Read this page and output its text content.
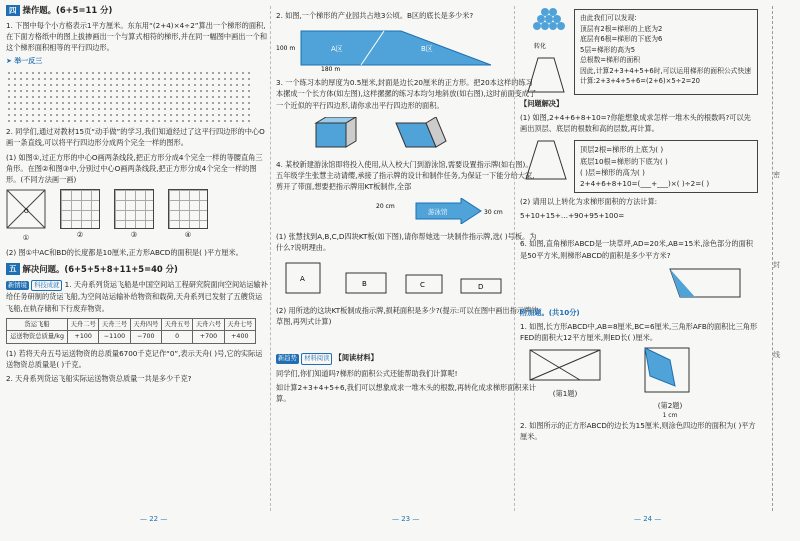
四 操作题。(6+5=11 分)
1. 下图中每个小方格表示1平方厘米。东东用“(2+4)×4÷2”算出一个梯形的面积,在下面方格纸中的图上拔掺画出一个与算式相符的梯形,并在同一幅图中画出一个和这个梯形面积相等的平行四边形。
➤ 举一反三
2. 同学们,通过对教材15页“动手做”的学习,我们知道经过了这平行四边形的中心O画一条直线,可以将平行四边形分成两个完全一样的图形。
(1) 如图①,过正方形的中心O画两条线段,把正方形分成4个完全一样的等腰直角三角形。在图②和图③中,分别过中心O画两条线段,把正方形分成4个完全一样的图形。(不同方法画一画)
O
①	②	③	④
(2) 图①中AC和BD的长度都是10厘米,正方形ABCD的面积是( )平方厘米。
五 解决问题。(6+5+5+8+11+5=40 分)
新情境 科技成就 1. 天舟系列货运飞船是中国空间站工程研究院面向空间站运输补给任务研制的货运飞船,为空间站运输补给物资和载荷,天舟系列已发射了五艘货运飞船,在轨存储和下行废弃物资。
货运飞船	天舟二号	天舟三号	天舟四号	天舟五号	天舟六号	天舟七号
运送物资总质量/kg	+100	−1100	−700	0	+700	+400
(1) 若将天舟五号运送物资的总质量6700千克记作“0”,表示天舟( )号,它的实际运送物资总质量是( )千克。
2. 天舟系列货运飞船实际运送物资总质量一共是多少千克?
— 22 —
2. 如图,一个梯形的产业园共占地3公顷。B区的底长是多少米?
A区	B区
100 m
180 m
3. 一个练习本的厚度为0.5厘米,封面是边长20厘米的正方形。把20本这样的练习本摞成一个长方体(如左图),这样摞摞的练习本均匀地斜放(如右图),这时前面变成了一个近似的平行四边形,请你求出平行四边形的面积。
4. 某校新建游泳馆即将投入使用,从入校大门到游泳馆,需要设置指示牌(如右图)。五年级学生张慧主动请缨,承接了指示牌的设计和制作任务,为保证一下能分给大家,剪开了带面,想要把指示牌用KT板制作,全部
游泳馆
20 cm
30 cm
(1) 张慧找到A,B,C,D四块KT板(如下图),请你帮她选一块制作指示牌,选( )号板。为什么?说明理由。
A
B	C	D
(2) 用所选的这块KT板制成指示牌,损耗面积是多少?(提示:可以在图中画出指示牌的草图,再列式计算)
新趋势 材料阅读 【阅读材料】
同学们,你们知道吗?梯形的面积公式还能帮助我们计算呢!
如计算2+3+4+5+6,我们可以想象成求一堆木头的根数,再转化成求梯形面积来计算。
— 23 —
转化
由此我们可以发现:
顶层有2根=梯形的上底为2
底层有6根=梯形的下底为6
5层=梯形的高为5
总根数=梯形的面积
因此,计算2+3+4+5+6时,可以运用梯形的面积公式快速计算:2+3+4+5+6=(2+6)×5÷2=20
【问题解决】
(1) 如图,2+4+6+8+10=?你能想象成求怎样一堆木头的根数吗?可以先画出顶层、底层的根数和高的层数,再计算。
顶层2根=梯形的上底为( )
底层10根=梯形的下底为( )
( )层=梯形的高为( )
2+4+6+8+10=(___+___)×( )÷2=( )
(2) 请用以上转化为求梯形面积的方法计算:
5+10+15+…+90+95+100=
6. 如图,直角梯形ABCD是一块草坪,AD=20米,AB=15米,涂色部分的面积是50平方米,则梯形ABCD的面积是多少平方米?
附加题。(共10分)
1. 如图,长方形ABCD中,AB=8厘米,BC=6厘米,三角形AFB的面积比三角形FED的面积大12平方厘米,则ED长( )厘米。
(第1题)
(第2题)
1 cm
2. 如图所示的正方形ABCD的边长为15厘米,则涂色四边形的面积为( )平方厘米。
— 24 —
密
封
线
